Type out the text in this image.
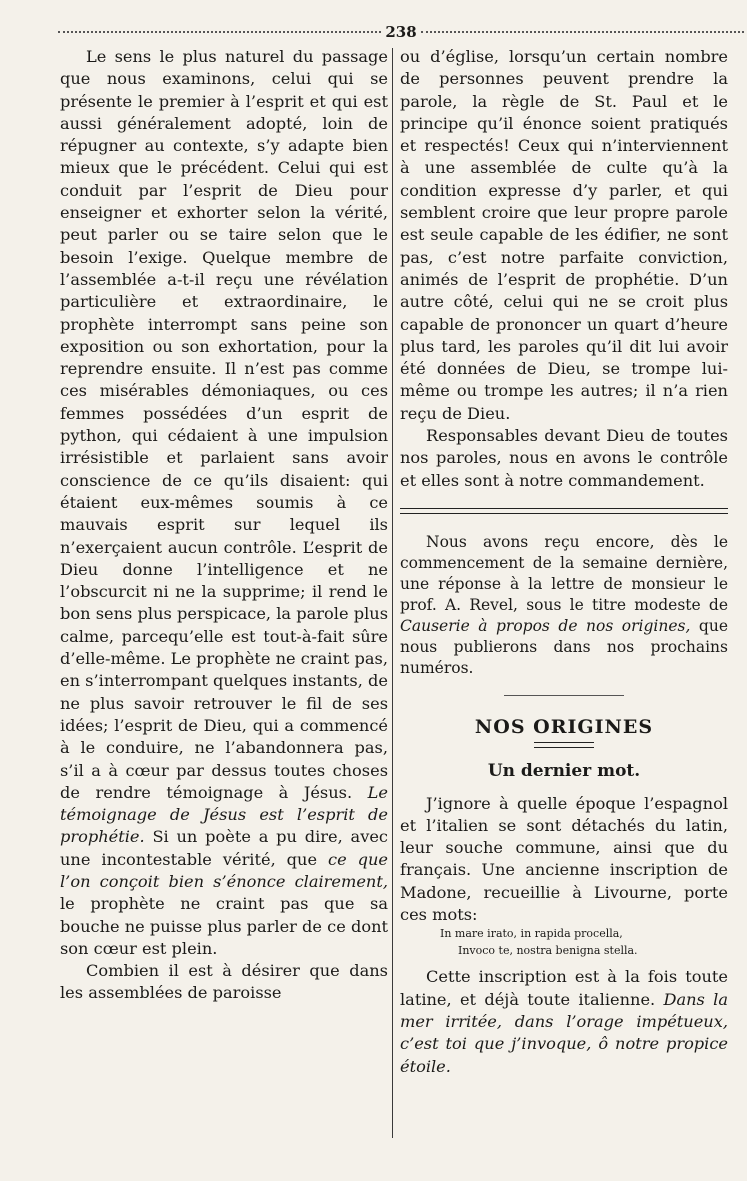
238

Le sens le plus naturel du passage que nous examinons, celui qui se présente le premier à l’esprit et qui est aussi généralement adopté, loin de répugner au contexte, s’y adapte bien mieux que le précédent. Celui qui est conduit par l’esprit de Dieu pour enseigner et exhorter selon la vérité, peut parler ou se taire selon que le besoin l’exige. Quelque membre de l’assemblée a-t-il reçu une révélation particulière et extraordinaire, le prophète interrompt sans peine son exposition ou son exhortation, pour la reprendre ensuite. Il n’est pas comme ces misérables démoniaques, ou ces femmes possédées d’un esprit de python, qui cédaient à une impulsion irrésistible et parlaient sans avoir conscience de ce qu’ils disaient: qui étaient eux-mêmes soumis à ce mauvais esprit sur lequel ils n’exerçaient aucun contrôle. L’esprit de Dieu donne l’intelligence et ne l’obscurcit ni ne la supprime; il rend le bon sens plus perspicace, la parole plus calme, parcequ’elle est tout-à-fait sûre d’elle-même. Le prophète ne craint pas, en s’interrompant quelques instants, de ne plus savoir retrouver le fil de ses idées; l’esprit de Dieu, qui a commencé à le conduire, ne l’abandonnera pas, s’il a à cœur par dessus toutes choses de rendre témoignage à Jésus. Le témoignage de Jésus est l’esprit de prophétie. Si un poète a pu dire, avec une incontestable vérité, que ce que l’on conçoit bien s’énonce clairement, le prophète ne craint pas que sa bouche ne puisse plus parler de ce dont son cœur est plein.

Combien il est à désirer que dans les assemblées de paroisse

ou d’église, lorsqu’un certain nombre de personnes peuvent prendre la parole, la règle de St. Paul et le principe qu’il énonce soient pratiqués et respectés! Ceux qui n’interviennent à une assemblée de culte qu’à la condition expresse d’y parler, et qui semblent croire que leur propre parole est seule capable de les édifier, ne sont pas, c’est notre parfaite conviction, animés de l’esprit de prophétie. D’un autre côté, celui qui ne se croit plus capable de prononcer un quart d’heure plus tard, les paroles qu’il dit lui avoir été données de Dieu, se trompe lui-même ou trompe les autres; il n’a rien reçu de Dieu.

Responsables devant Dieu de toutes nos paroles, nous en avons le contrôle et elles sont à notre commandement.

Nous avons reçu encore, dès le commencement de la semaine dernière, une réponse à la lettre de monsieur le prof. A. Revel, sous le titre modeste de Causerie à propos de nos origines, que nous publierons dans nos prochains numéros.

NOS ORIGINES
Un dernier mot.

J’ignore à quelle époque l’espagnol et l’italien se sont détachés du latin, leur souche commune, ainsi que du français. Une ancienne inscription de Madone, recueillie à Livourne, porte ces mots:

In mare irato, in rapida procella,
Invoco te, nostra benigna stella.

Cette inscription est à la fois toute latine, et déjà toute italienne. Dans la mer irritée, dans l’orage impétueux, c’est toi que j’invoque, ô notre propice étoile.
